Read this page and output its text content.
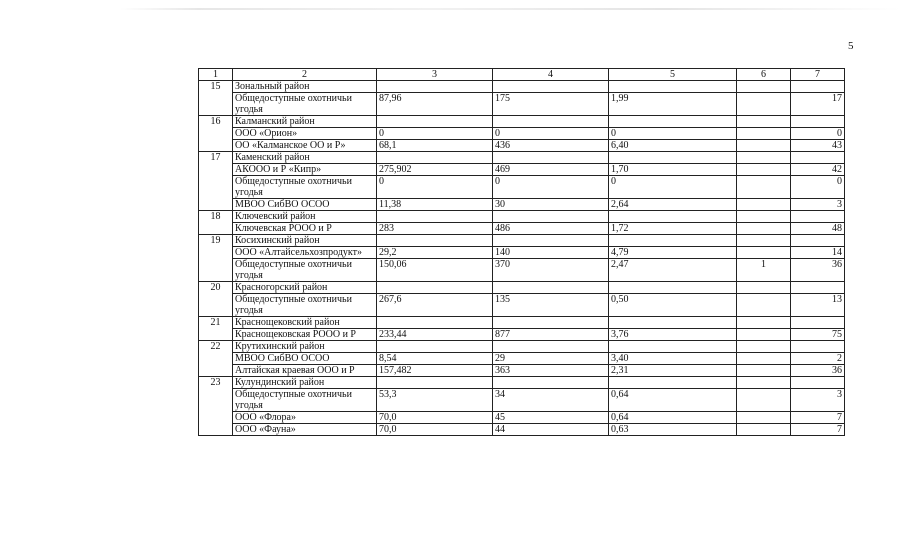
5
1	2	3	4	5	6	7
15	Зональный район					
	Общедоступные охотничьи угодья	87,96	175	1,99		17
16	Калманский район					
	ООО «Орион»	0	0	0		0
	ОО «Калманское ОО и Р»	68,1	436	6,40		43
17	Каменский район					
	АКООО и Р «Кипр»	275,902	469	1,70		42
	Общедоступные охотничьи угодья	0	0	0		0
	МВОО СибВО ОСОО	11,38	30	2,64		3
18	Ключевский район					
	Ключевская РООО и Р	283	486	1,72		48
19	Косихинский район					
	ООО «Алтайсельхозпродукт»	29,2	140	4,79		14
	Общедоступные охотничьи угодья	150,06	370	2,47	1	36
20	Красногорский район					
	Общедоступные охотничьи угодья	267,6	135	0,50		13
21	Краснощековский район					
	Краснощековская РООО и Р	233,44	877	3,76		75
22	Крутихинский район					
	МВОО СибВО ОСОО	8,54	29	3,40		2
	Алтайская краевая ООО и Р	157,482	363	2,31		36
23	Кулундинский район					
	Общедоступные охотничьи угодья	53,3	34	0,64		3
	ООО «Флора»	70,0	45	0,64		7
	ООО «Фауна»	70,0	44	0,63		7
